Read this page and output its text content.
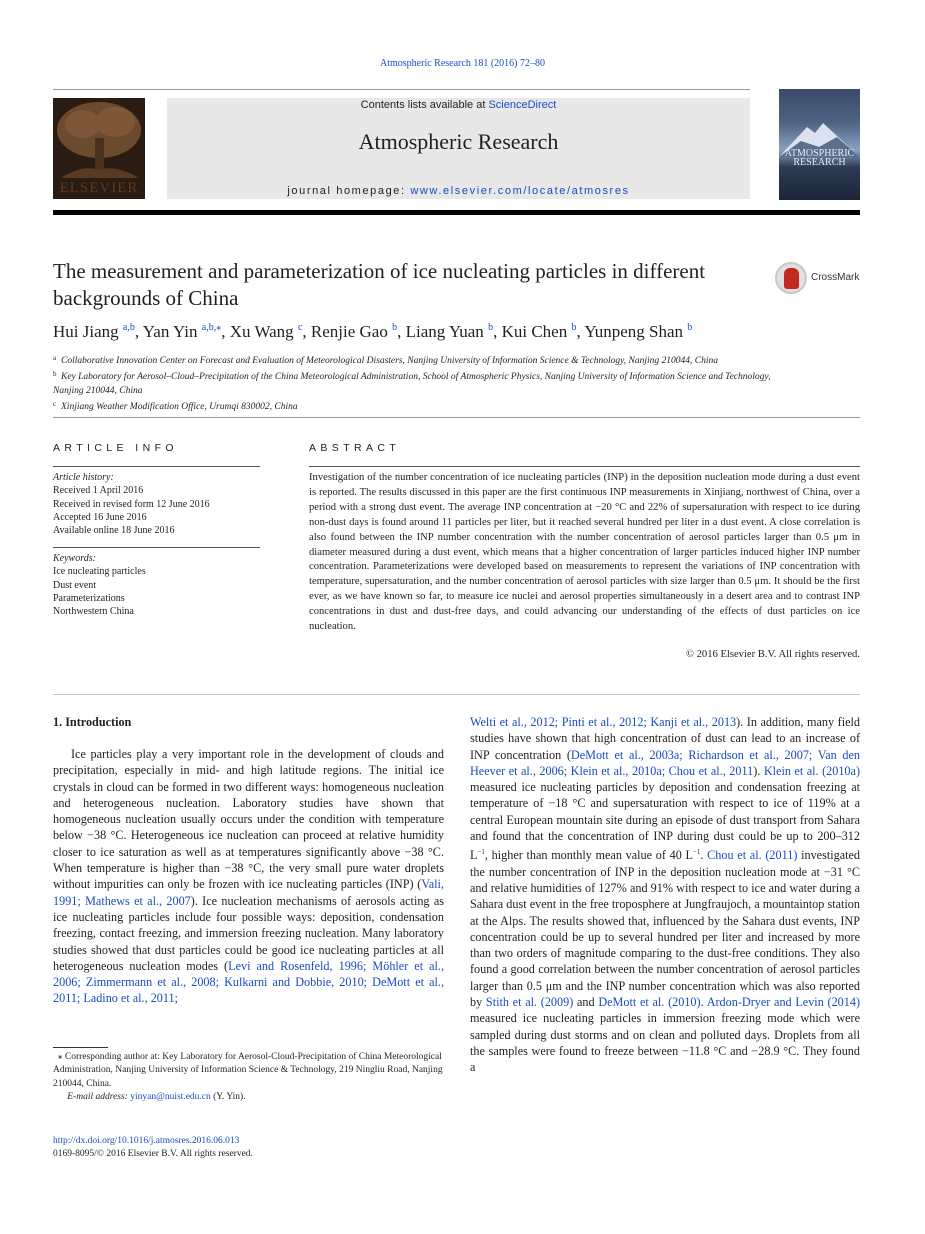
Atmospheric Research 181 (2016) 72–80
ELSEVIER
Contents lists available at ScienceDirect
Atmospheric Research
journal homepage: www.elsevier.com/locate/atmosres
ATMOSPHERIC RESEARCH
The measurement and parameterization of ice nucleating particles in different backgrounds of China
CrossMark
Hui Jiang $^{a,b}$, Yan Yin $^{a,b,⁎}$, Xu Wang $^c$, Renjie Gao $^b$, Liang Yuan $^b$, Kui Chen $^b$, Yunpeng Shan $^b$
a Collaborative Innovation Center on Forecast and Evaluation of Meteorological Disasters, Nanjing University of Information Science & Technology, Nanjing 210044, China
b Key Laboratory for Aerosol–Cloud–Precipitation of the China Meteorological Administration, School of Atmospheric Physics, Nanjing University of Information Science and Technology,
Nanjing 210044, China
c Xinjiang Weather Modification Office, Urumqi 830002, China
ARTICLE INFO	ABSTRACT
Article history:
Received 1 April 2016
Received in revised form 12 June 2016
Accepted 16 June 2016
Available online 18 June 2016
Keywords:
Ice nucleating particles
Dust event
Parameterizations
Northwestern China
Investigation of the number concentration of ice nucleating particles (INP) in the deposition nucleation mode during a dust event is reported. The results discussed in this paper are the first continuous INP measurements in Xinjiang, northwest of China, over a period with a strong dust event. The average INP concentration at −20 °C and 22% of supersaturation with respect to ice during non-dust days is found around 11 particles per liter, but it reached several hundred per liter in a dust event. A close correlation is also found between the INP number concentration with the number concentration of aerosol particles larger than 0.5 μm in diameter measured during a dust event, which means that a higher concentration of larger particles induced higher INP number concentration. Parameterizations were developed based on measurements to represent the variations of INP concentration with temperature, supersaturation, and the number concentration of aerosol particles with size larger than 0.5 μm. It should be the first ever, as we have known so far, to measure ice nuclei and aerosol properties simultaneously in a desert area and to contrast INP concentrations in dust and dust-free days, and could advancing our understanding of the effects of dust particles on ice nucleation.
© 2016 Elsevier B.V. All rights reserved.
1. Introduction

Ice particles play a very important role in the development of clouds and precipitation, especially in mid- and high latitude regions. The initial ice crystals in cloud can be formed in two different ways: homogeneous nucleation and heterogeneous nucleation. Laboratory studies have shown that homogeneous nucleation usually occurs under the condition with temperature below −38 °C. Heterogeneous ice nucleation can proceed at relative humidity closer to ice saturation as well as at temperatures significantly above −38 °C. When temperature is higher than −38 °C, the very small pure water droplets without impurities can only be frozen with ice nucleating particles (INP) (Vali, 1991; Mathews et al., 2007). Ice nucleation mechanisms of aerosols acting as ice nucleating particles include four possible ways: deposition, condensation freezing, contact freezing, and immersion freezing nucleation. Many laboratory studies showed that dust particles could be good ice nucleating particles at all heterogeneous nucleation modes (Levi and Rosenfeld, 1996; Möhler et al., 2006; Zimmermann et al., 2008; Kulkarni and Dobbie, 2010; DeMott et al., 2011; Ladino et al., 2011;

Welti et al., 2012; Pinti et al., 2012; Kanji et al., 2013). In addition, many field studies have shown that high concentration of dust can lead to an increase of INP concentration (DeMott et al., 2003a; Richardson et al., 2007; Van den Heever et al., 2006; Klein et al., 2010a; Chou et al., 2011). Klein et al. (2010a) measured ice nucleating particles by deposition and condensation freezing at temperature of −18 °C and supersaturation with respect to ice of 119% at a central European mountain site during an episode of dust transport from Sahara and found that the concentration of INP during dust could be up to 200–312 $L^{-1}$, higher than monthly mean value of 40 $L^{-1}$. Chou et al. (2011) investigated the number concentration of INP in the deposition nucleation mode at −31 °C and relative humidities of 127% and 91% with respect to ice and water during a Sahara dust event in the free troposphere at Jungfraujoch, a mountaintop station at the Alps. The results showed that, influenced by the Sahara dust events, INP concentration could be up to several hundred per liter and increased by more than two orders of magnitude comparing to the dust-free conditions. They also found a good correlation between the number concentration of aerosol particles larger than 0.5 μm and the INP number concentration which was also reported by Stith et al. (2009) and DeMott et al. (2010). Ardon-Dryer and Levin (2014) measured ice nucleating particles in immersion freezing mode which were sampled during dust storms and on clean and polluted days. Droplets from all the samples were found to freeze between −11.8 °C and −28.9 °C. They found a

⁎ Corresponding author at: Key Laboratory for Aerosol-Cloud-Precipitation of China Meteorological Administration, Nanjing University of Information Science & Technology, 219 Ningliu Road, Nanjing 210044, China.
E-mail address: yinyan@nuist.edu.cn (Y. Yin).
http://dx.doi.org/10.1016/j.atmosres.2016.06.013
0169-8095/© 2016 Elsevier B.V. All rights reserved.
